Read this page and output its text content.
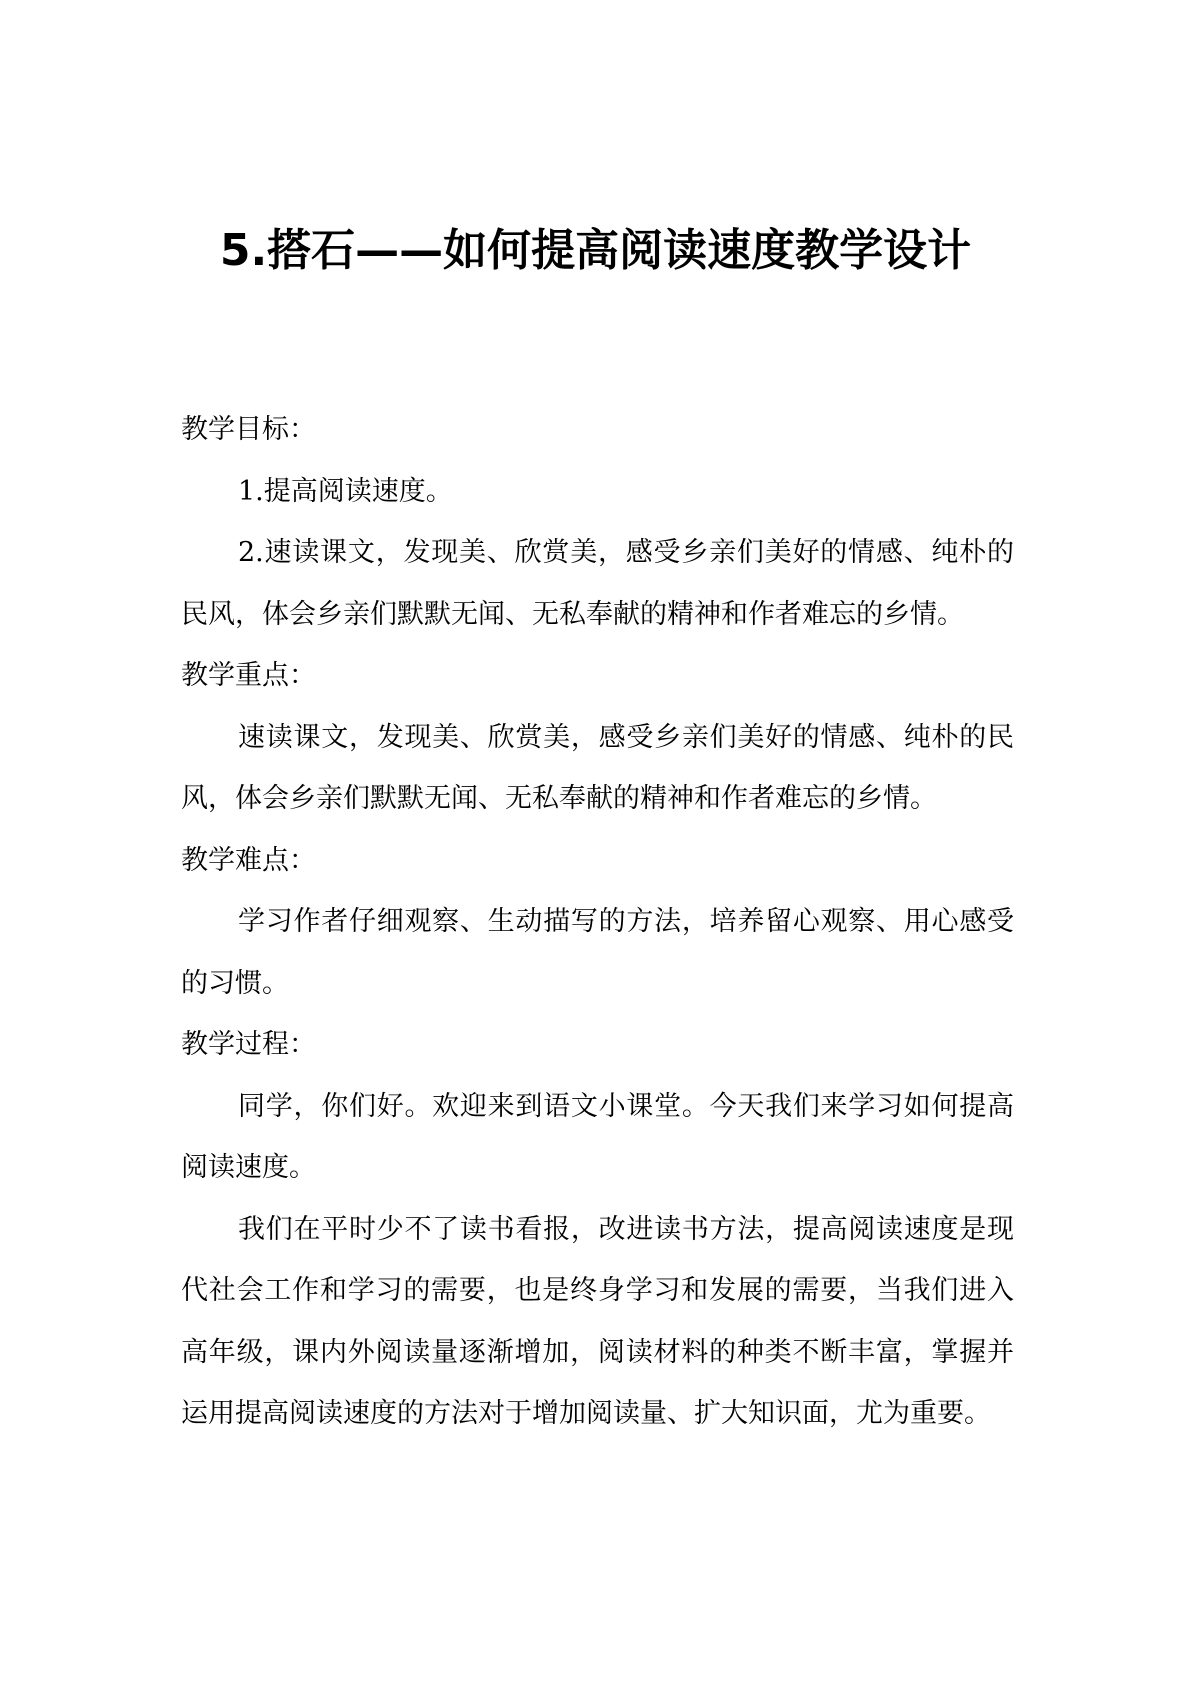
5.搭石——如何提高阅读速度教学设计

教学目标：

1.提高阅读速度。

2.速读课文，发现美、欣赏美，感受乡亲们美好的情感、纯朴的民风，体会乡亲们默默无闻、无私奉献的精神和作者难忘的乡情。

教学重点：

速读课文，发现美、欣赏美，感受乡亲们美好的情感、纯朴的民风，体会乡亲们默默无闻、无私奉献的精神和作者难忘的乡情。

教学难点：

学习作者仔细观察、生动描写的方法，培养留心观察、用心感受的习惯。

教学过程：

同学，你们好。欢迎来到语文小课堂。今天我们来学习如何提高阅读速度。

我们在平时少不了读书看报，改进读书方法，提高阅读速度是现代社会工作和学习的需要，也是终身学习和发展的需要，当我们进入高年级，课内外阅读量逐渐增加，阅读材料的种类不断丰富，掌握并运用提高阅读速度的方法对于增加阅读量、扩大知识面，尤为重要。
